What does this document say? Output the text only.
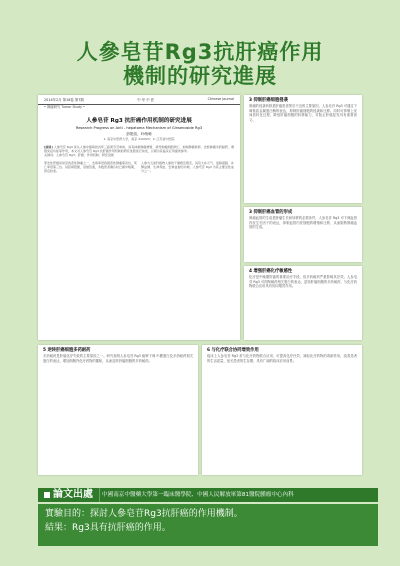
人參皂苷Rg3抗肝癌作用
機制的研究進展
2014年2月 第18卷 第7期	中 华 中 医	Chinese Journal
• 肿瘤研究 Tumor Study •
人參皂苷 Rg3 抗肝癌作用机制的研究进展
Research Progress on Anti - hepatoma Mechanism of Ginsenoside Rg3
彭艳苗，叶萌萌
1. 南京中医药大学，南京 210023；2. 江苏省中医院
[摘要] 人参皂苷 Rg3 是从人参中提取的四环三萜类皂苷单体，具有抑制肿瘤增殖、诱导肿瘤细胞凋亡、抑制肿瘤转移、逆转肿瘤多药耐药、增强免疫功能等作用，本文对人参皂苷 Rg3 抗肝癌作用机制的研究进展进行综述，以期为其临床应用提供参考。
关键词：人參皂苷 Rg3；肝癌；作用机制；研究进展
原发性肝癌是常见的恶性肿瘤之一，发病率居我国恶性肿瘤第四位，死亡率居第三位。其起病隐匿，进展迅速，多数患者确诊时已属中晚期，预后较差。
人参为五加科植物人参的干燥根及根茎，具有大补元气、复脉固脱、补脾益肺、生津养血、安神益智的功效。人参皂苷 Rg3 为其主要活性成分之一。
3 抑制肝癌细胞侵袭
肿瘤的侵袭转移是肝癌患者预后不良的主要原因，人参皂苷 Rg3 可通过下调基质金属蛋白酶的表达，抑制肝癌细胞的侵袭和迁移。同时可抑制上皮间质转化过程，降低肝癌细胞的转移能力，对阻止肝癌复发具有重要意义。
3 抑制肝癌血管的形成
肿瘤血管的生成是肿瘤生长和转移的必要条件，人参皂苷 Rg3 可下调血管内皮生长因子的表达，抑制血管内皮细胞的增殖和迁移，从而阻断肿瘤血管的生成。
4 增强肝癌化疗敏感性
化疗是中晚期肝癌的重要治疗手段，但多药耐药严重影响其疗效。人参皂苷 Rg3 可抑制耐药相关蛋白的表达，逆转肝癌细胞的多药耐药，与化疗药物联合应用具有协同增效作用。
5 逆转肝癌细胞多药耐药
多药耐药是肝癌化疗失败的主要原因之一。研究表明人参皂苷 Rg3 能够下调 P-糖蛋白及多药耐药相关蛋白的表达，增加细胞内化疗药物的蓄积，从而逆转肝癌细胞的多药耐药。
6 与化疗联合协同增效作用
临床上人参皂苷 Rg3 常与化疗药物联合应用，可提高化疗疗效，减轻化疗药物的毒副作用，改善患者的生活质量，延长患者的生存期，具有广阔的临床应用前景。
論文出處	中國南京中醫藥大學第一臨床醫學院、中國人民解放軍第81醫院腫瘤中心內科
實驗目的：探討人參皂苷Rg3抗肝癌的作用機制。
結果：Rg3具有抗肝癌的作用。
